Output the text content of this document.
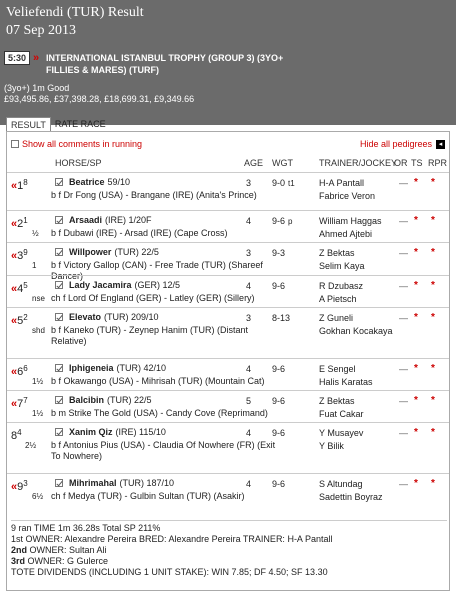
Veliefendi (TUR) Result
07 Sep 2013
5:30 » INTERNATIONAL ISTANBUL TROPHY (GROUP 3) (3YO+ FILLIES & MARES) (TURF)
(3yo+) 1m Good
£93,495.86, £37,398.28, £18,699.31, £9,349.66
RESULT	RATE RACE
Show all comments in running	Hide all pedigrees ◂
HORSE/SP	AGE WGT	TRAINER/JOCKEY
OR TS RPR
«$1^8$	Beatrice 59/10
b f Dr Fong (USA) - Brangane (IRE) (Anita's Prince)
3 9-0 t1	H-A Pantall
Fabrice Veron
— * *
«$2^1$
½
Arsaadi (IRE) 1/20F
b f Dubawi (IRE) - Arsad (IRE) (Cape Cross)
4 9-6 p	William Haggas
Ahmed Ajtebi
— * *
«$3^9$
1
Willpower (TUR) 22/5
b f Victory Gallop (CAN) - Free Trade (TUR) (Shareef Dancer)
3 9-3	Z Bektas
Selim Kaya
— * *
«$4^5$
nse
Lady Jacamira (GER) 12/5
ch f Lord Of England (GER) - Latley (GER) (Sillery)
4 9-6	R Dzubasz
A Pietsch
— * *
«$5^2$
shd
Elevato (TUR) 209/10
b f Kaneko (TUR) - Zeynep Hanim (TUR) (Distant Relative)
3 8-13	Z Guneli
Gokhan Kocakaya
— * *
«$6^6$
1½
Iphigeneia (TUR) 42/10
b f Okawango (USA) - Mihrisah (TUR) (Mountain Cat)
4 9-6	E Sengel
Halis Karatas
— * *
«$7^7$
1½
Balcibin (TUR) 22/5
b m Strike The Gold (USA) - Candy Cove (Reprimand)
5 9-6	Z Bektas
Fuat Cakar
— * *
$8^4$
2½
Xanim Qiz (IRE) 115/10
b f Antonius Pius (USA) - Claudia Of Nowhere (FR) (Exit To Nowhere)
4 9-6	Y Musayev
Y Bilik
— * *
«$9^3$
6½
Mihrimahal (TUR) 187/10
ch f Medya (TUR) - Gulbin Sultan (TUR) (Asakir)
4 9-6	S Altundag
Sadettin Boyraz
— * *
9 ran TIME 1m 36.28s Total SP 211%
1st OWNER: Alexandre Pereira BRED: Alexandre Pereira TRAINER: H-A Pantall
2nd OWNER: Sultan Ali
3rd OWNER: G Gulerce
TOTE DIVIDENDS (INCLUDING 1 UNIT STAKE): WIN 7.85; DF 4.50; SF 13.30
